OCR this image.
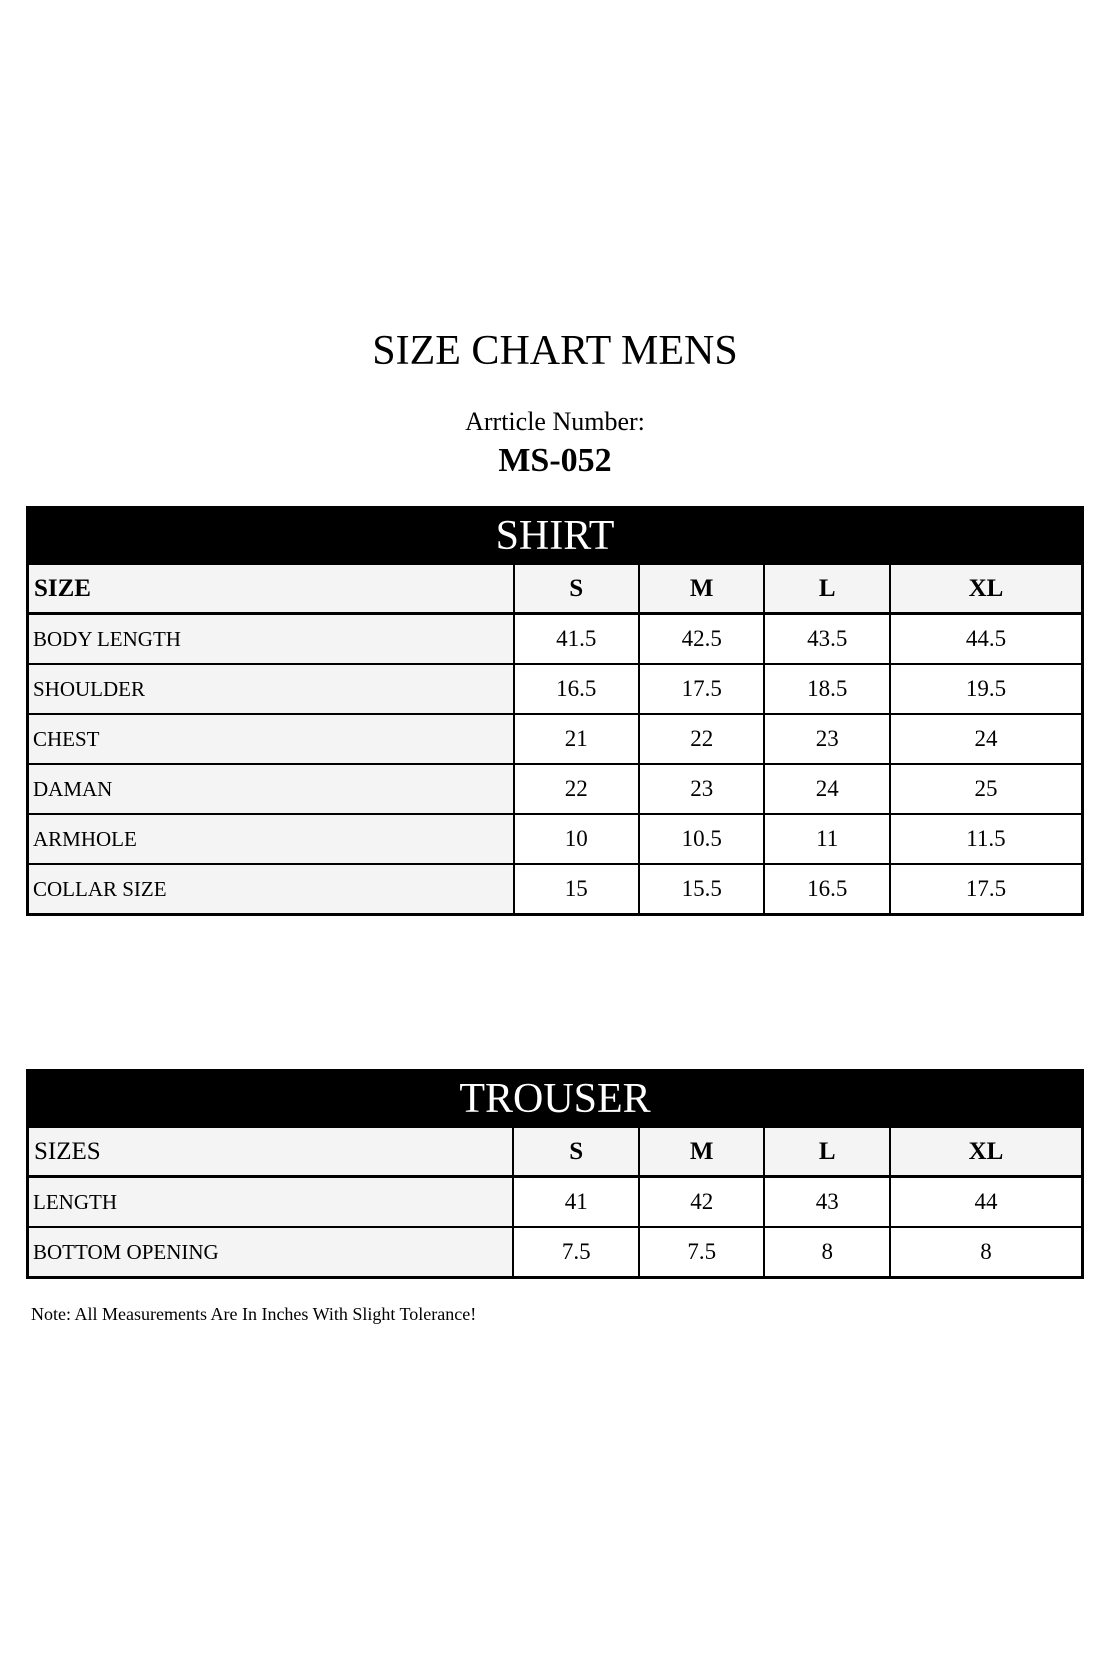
SIZE CHART MENS
Arrticle Number:
MS-052
SHIRT				
SIZE	S	M	L	XL
BODY LENGTH	41.5	42.5	43.5	44.5
SHOULDER	16.5	17.5	18.5	19.5
CHEST	21	22	23	24
DAMAN	22	23	24	25
ARMHOLE	10	10.5	11	11.5
COLLAR SIZE	15	15.5	16.5	17.5
TROUSER				
SIZES	S	M	L	XL
LENGTH	41	42	43	44
BOTTOM OPENING	7.5	7.5	8	8
Note: All Measurements Are In Inches With Slight Tolerance!
